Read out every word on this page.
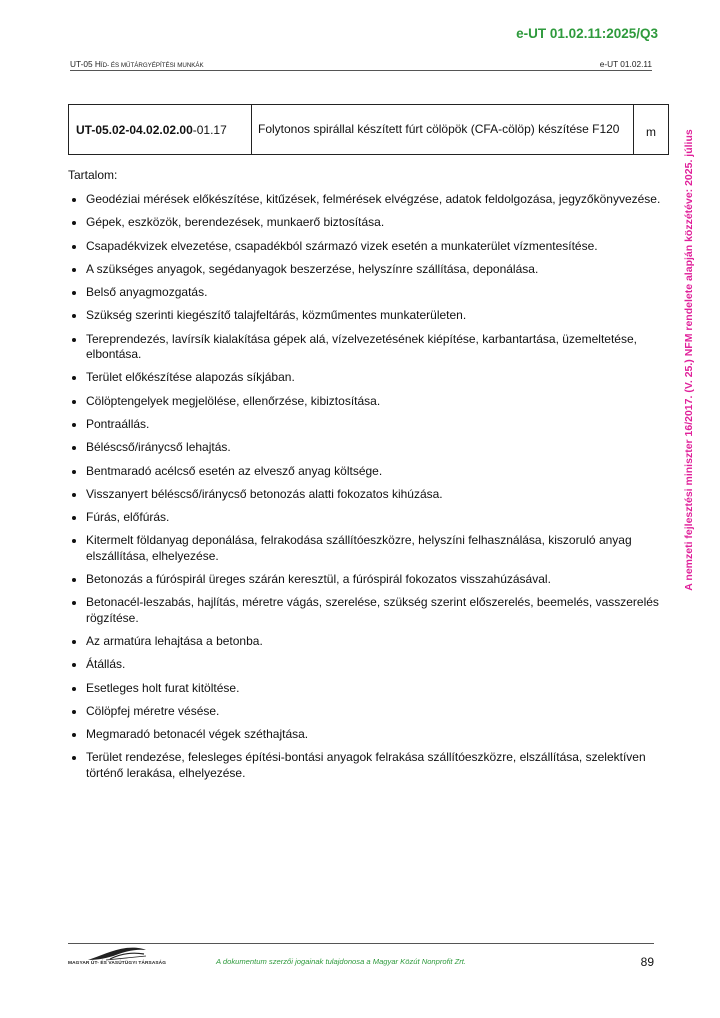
e-UT 01.02.11:2025/Q3
UT-05 HÍD- ÉS MŰTÁRGYÉPÍTÉSI MUNKÁK	e-UT 01.02.11
A nemzeti fejlesztési miniszter 16/2017. (V. 25.) NFM rendelete alapján közzétéve: 2025. július
UT-05.02-04.02.02.00-01.17	Folytonos spirállal készített fúrt cölöpök (CFA-cölöp) készítése F120	m
Tartalom:
Geodéziai mérések előkészítése, kitűzések, felmérések elvégzése, adatok feldolgozása, jegyzőkönyvezése.
Gépek, eszközök, berendezések, munkaerő biztosítása.
Csapadékvizek elvezetése, csapadékból származó vizek esetén a munkaterület vízmentesítése.
A szükséges anyagok, segédanyagok beszerzése, helyszínre szállítása, deponálása.
Belső anyagmozgatás.
Szükség szerinti kiegészítő talajfeltárás, közműmentes munkaterületen.
Tereprendezés, lavírsík kialakítása gépek alá, vízelvezetésének kiépítése, karbantartása, üzemeltetése, elbontása.
Terület előkészítése alapozás síkjában.
Cölöptengelyek megjelölése, ellenőrzése, kibiztosítása.
Pontraállás.
Béléscső/iránycső lehajtás.
Bentmaradó acélcső esetén az elvesző anyag költsége.
Visszanyert béléscső/iránycső betonozás alatti fokozatos kihúzása.
Fúrás, előfúrás.
Kitermelt földanyag deponálása, felrakodása szállítóeszközre, helyszíni felhasználása, kiszoruló anyag elszállítása, elhelyezése.
Betonozás a fúróspirál üreges szárán keresztül, a fúróspirál fokozatos visszahúzásával.
Betonacél-leszabás, hajlítás, méretre vágás, szerelése, szükség szerint előszerelés, beemelés, vasszerelés rögzítése.
Az armatúra lehajtása a betonba.
Átállás.
Esetleges holt furat kitöltése.
Cölöpfej méretre vésése.
Megmaradó betonacél végek széthajtása.
Terület rendezése, felesleges építési-bontási anyagok felrakása szállítóeszközre, elszállítása, szelektíven történő lerakása, elhelyezése.
MAGYAR ÚT- ÉS VASÚTÜGYI TÁRSASÁG	A dokumentum szerzői jogainak tulajdonosa a Magyar Közút Nonprofit Zrt.	89
